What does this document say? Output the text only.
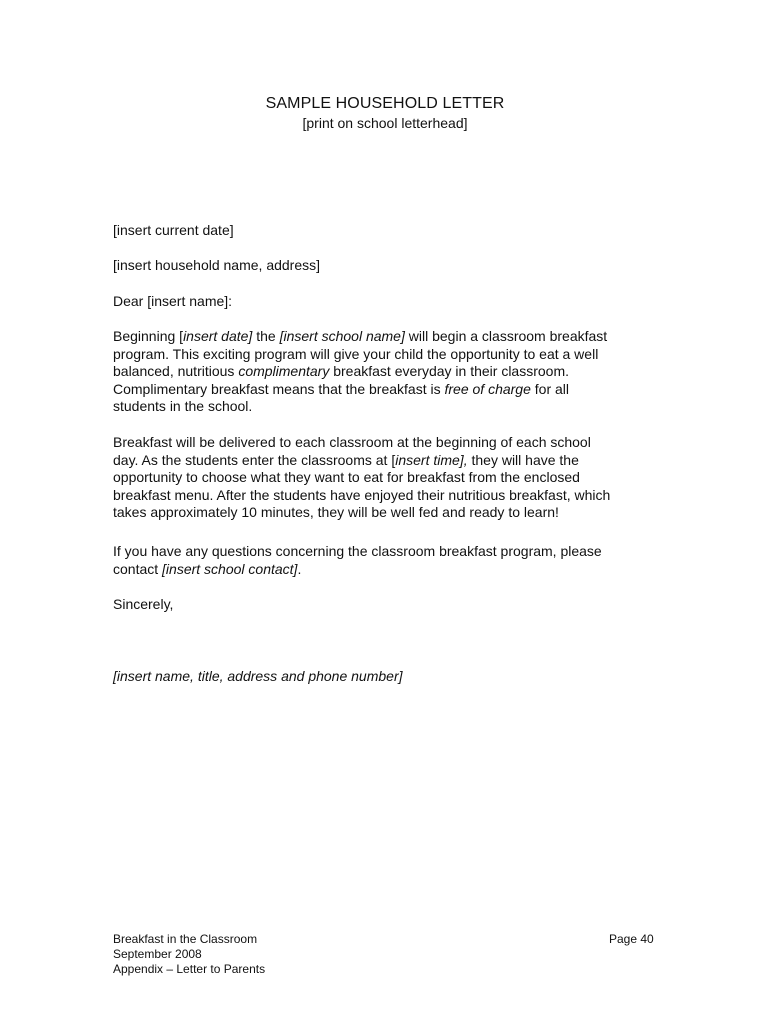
SAMPLE HOUSEHOLD LETTER
[print on school letterhead]
[insert current date]
[insert household name, address]
Dear [insert name]:
Beginning [insert date] the [insert school name] will begin a classroom breakfast
program. This exciting program will give your child the opportunity to eat a well
balanced, nutritious complimentary breakfast everyday in their classroom.
Complimentary breakfast means that the breakfast is free of charge for all
students in the school.
Breakfast will be delivered to each classroom at the beginning of each school
day. As the students enter the classrooms at [insert time], they will have the
opportunity to choose what they want to eat for breakfast from the enclosed
breakfast menu. After the students have enjoyed their nutritious breakfast, which
takes approximately 10 minutes, they will be well fed and ready to learn!
If you have any questions concerning the classroom breakfast program, please
contact [insert school contact].
Sincerely,
[insert name, title, address and phone number]
Breakfast in the Classroom
September 2008
Appendix – Letter to Parents
Page 40
